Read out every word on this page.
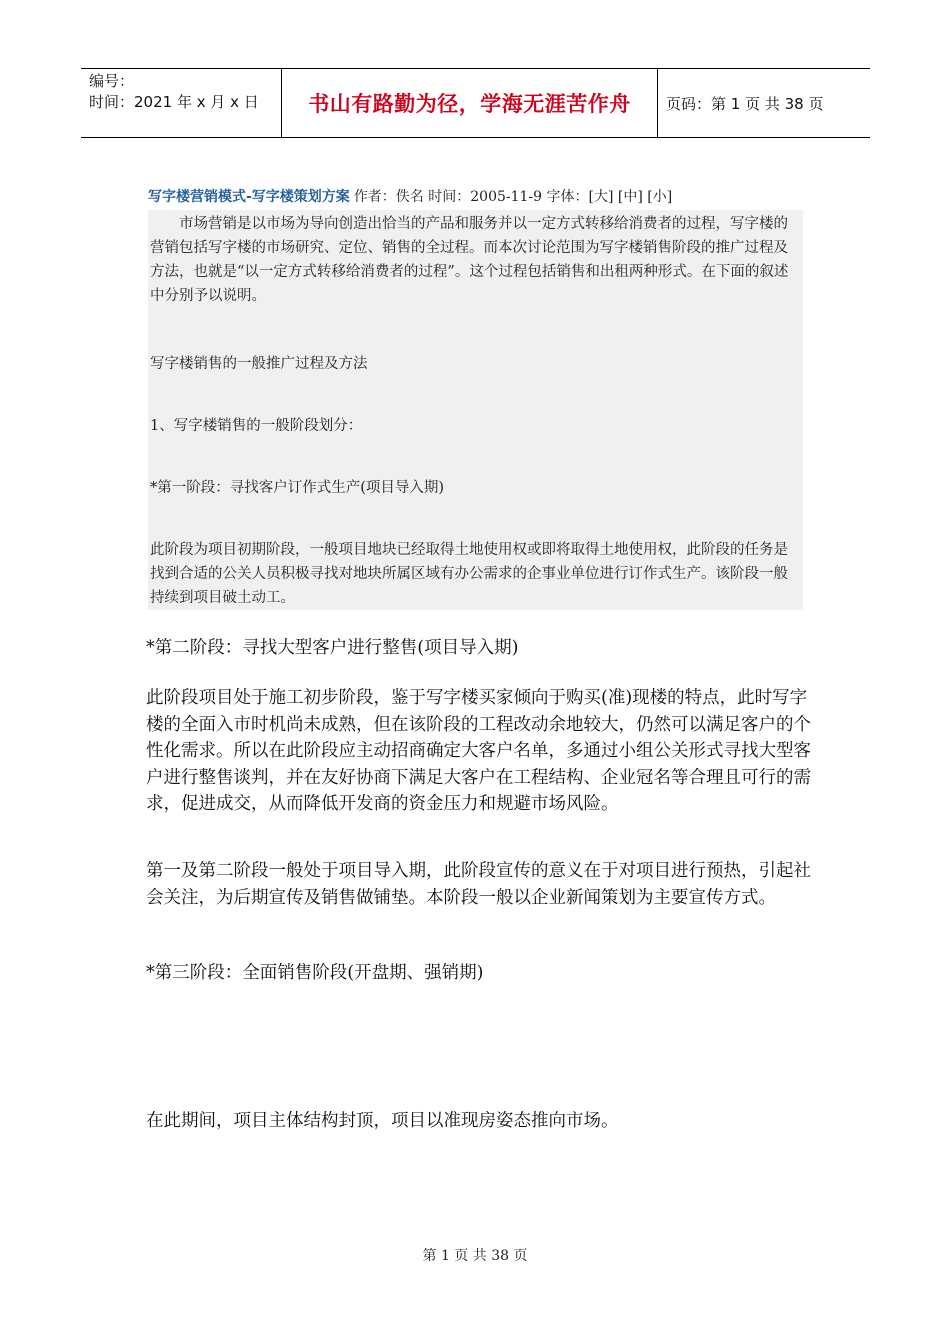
编号：
时间：2021 年 x 月 x 日	书山有路勤为径，学海无涯苦作舟 页码：第 1 页 共 38 页
写字楼营销模式-写字楼策划方案 作者：佚名 时间：2005-11-9 字体：[大] [中] [小]

市场营销是以市场为导向创造出恰当的产品和服务并以一定方式转移给消费者的过程，写字楼的营销包括写字楼的市场研究、定位、销售的全过程。而本次讨论范围为写字楼销售阶段的推广过程及方法，也就是“以一定方式转移给消费者的过程”。这个过程包括销售和出租两种形式。在下面的叙述中分别予以说明。

写字楼销售的一般推广过程及方法

1、写字楼销售的一般阶段划分：

*第一阶段：寻找客户订作式生产(项目导入期)

此阶段为项目初期阶段，一般项目地块已经取得土地使用权或即将取得土地使用权，此阶段的任务是找到合适的公关人员积极寻找对地块所属区域有办公需求的企事业单位进行订作式生产。该阶段一般持续到项目破土动工。

*第二阶段：寻找大型客户进行整售(项目导入期)

此阶段项目处于施工初步阶段，鉴于写字楼买家倾向于购买(准)现楼的特点，此时写字楼的全面入市时机尚未成熟，但在该阶段的工程改动余地较大，仍然可以满足客户的个性化需求。所以在此阶段应主动招商确定大客户名单，多通过小组公关形式寻找大型客户进行整售谈判，并在友好协商下满足大客户在工程结构、企业冠名等合理且可行的需求，促进成交，从而降低开发商的资金压力和规避市场风险。

第一及第二阶段一般处于项目导入期，此阶段宣传的意义在于对项目进行预热，引起社会关注，为后期宣传及销售做铺垫。本阶段一般以企业新闻策划为主要宣传方式。

*第三阶段：全面销售阶段(开盘期、强销期)

在此期间，项目主体结构封顶，项目以准现房姿态推向市场。

第 1 页 共 38 页
